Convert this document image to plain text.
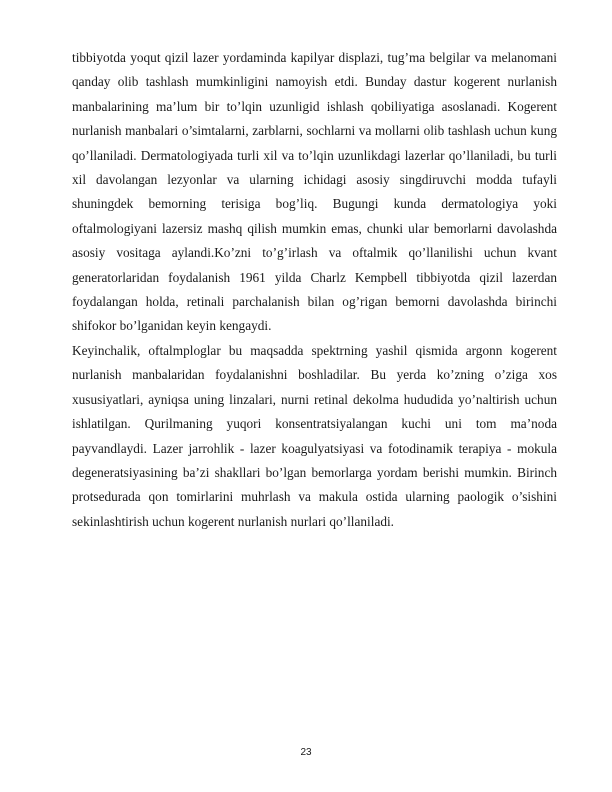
tibbiyotda yoqut qizil lazer yordaminda kapilyar displazi, tug’ma belgilar va melanomani qanday olib tashlash mumkinligini namoyish etdi. Bunday dastur kogerent nurlanish manbalarining ma’lum bir to’lqin uzunligid ishlash qobiliyatiga asoslanadi. Kogerent nurlanish manbalari o’simtalarni, zarblarni, sochlarni va mollarni olib tashlash uchun kung qo’llaniladi. Dermatologiyada turli xil va to’lqin uzunlikdagi lazerlar qo’llaniladi, bu turli xil davolangan lezyonlar va ularning ichidagi asosiy singdiruvchi modda tufayli shuningdek bemorning terisiga bog’liq. Bugungi kunda dermatologiya yoki oftalmologiyani lazersiz mashq qilish mumkin emas, chunki ular bemorlarni davolashda asosiy vositaga aylandi.Ko’zni to’g’irlash va oftalmik qo’llanilishi uchun kvant generatorlaridan foydalanish 1961 yilda Charlz Kempbell tibbiyotda qizil lazerdan foydalangan holda, retinali parchalanish bilan og’rigan bemorni davolashda birinchi shifokor bo’lganidan keyin kengaydi.

Keyinchalik, oftalmploglar bu maqsadda spektrning yashil qismida argonn kogerent nurlanish manbalaridan foydalanishni boshladilar. Bu yerda ko’zning o’ziga xos xususiyatlari, ayniqsa uning linzalari, nurni retinal dekolma hududida yo’naltirish uchun ishlatilgan. Qurilmaning yuqori konsentratsiyalangan kuchi uni tom ma’noda payvandlaydi. Lazer jarrohlik - lazer koagulyatsiyasi va fotodinamik terapiya - mokula degeneratsiyasining ba’zi shakllari bo’lgan bemorlarga yordam berishi mumkin. Birinch protsedurada qon tomirlarini muhrlash va makula ostida ularning paologik o’sishini sekinlashtirish uchun kogerent nurlanish nurlari qo’llaniladi.

23
